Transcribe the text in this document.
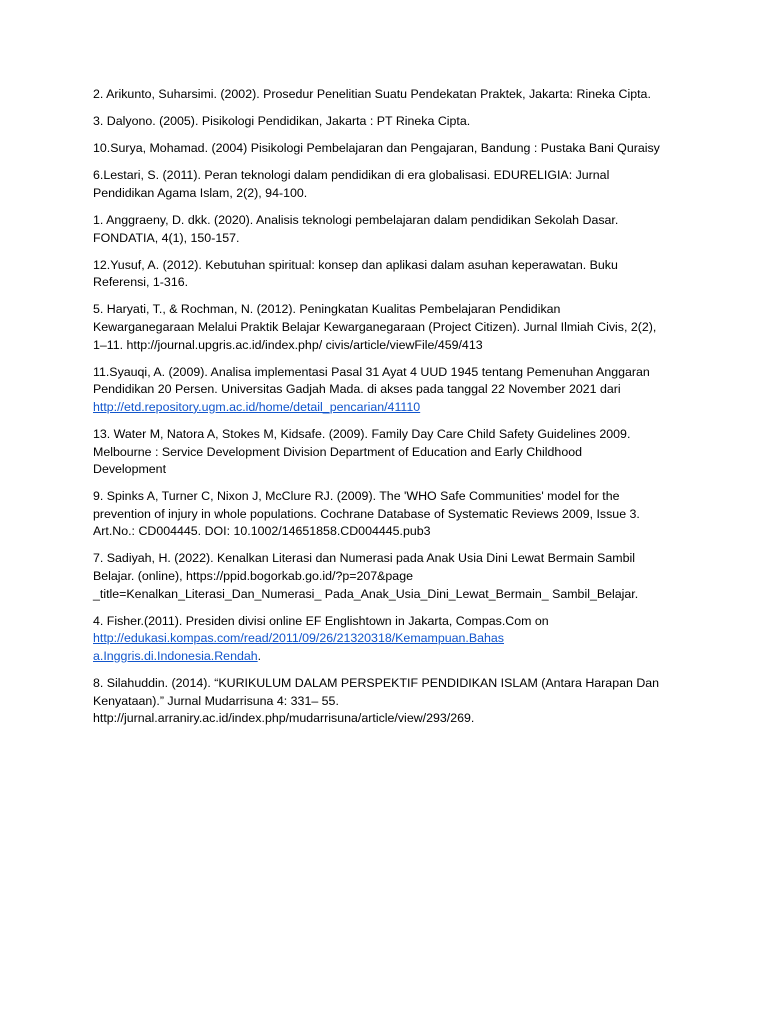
2. Arikunto, Suharsimi. (2002). Prosedur Penelitian Suatu Pendekatan Praktek, Jakarta: Rineka Cipta.

3. Dalyono. (2005). Pisikologi Pendidikan, Jakarta : PT Rineka Cipta.

10.Surya, Mohamad. (2004) Pisikologi Pembelajaran dan Pengajaran, Bandung : Pustaka Bani Quraisy

6.Lestari, S. (2011). Peran teknologi dalam pendidikan di era globalisasi. EDURELIGIA: Jurnal
Pendidikan Agama Islam, 2(2), 94-100.

1. Anggraeny, D. dkk. (2020). Analisis teknologi pembelajaran dalam pendidikan Sekolah Dasar.
FONDATIA, 4(1), 150-157.

12.Yusuf, A. (2012). Kebutuhan spiritual: konsep dan aplikasi dalam asuhan keperawatan. Buku
Referensi, 1-316.

5. Haryati, T., & Rochman, N. (2012). Peningkatan Kualitas Pembelajaran Pendidikan
Kewarganegaraan Melalui Praktik Belajar Kewarganegaraan (Project Citizen). Jurnal Ilmiah Civis, 2(2),
1–11. http://journal.upgris.ac.id/index.php/ civis/article/viewFile/459/413

11.Syauqi, A. (2009). Analisa implementasi Pasal 31 Ayat 4 UUD 1945 tentang Pemenuhan Anggaran
Pendidikan 20 Persen. Universitas Gadjah Mada. di akses pada tanggal 22 November 2021 dari
http://etd.repository.ugm.ac.id/home/detail_pencarian/41110

13. Water M, Natora A, Stokes M, Kidsafe. (2009). Family Day Care Child Safety Guidelines 2009.
Melbourne : Service Development Division Department of Education and Early Childhood
Development

9. Spinks A, Turner C, Nixon J, McClure RJ. (2009). The 'WHO Safe Communities' model for the
prevention of injury in whole populations. Cochrane Database of Systematic Reviews 2009, Issue 3.
Art.No.: CD004445. DOI: 10.1002/14651858.CD004445.pub3

7. Sadiyah, H. (2022). Kenalkan Literasi dan Numerasi pada Anak Usia Dini Lewat Bermain Sambil
Belajar. (online), https://ppid.bogorkab.go.id/?p=207&page
_title=Kenalkan_Literasi_Dan_Numerasi_ Pada_Anak_Usia_Dini_Lewat_Bermain_ Sambil_Belajar.

4. Fisher.(2011). Presiden divisi online EF Englishtown in Jakarta, Compas.Com on
http://edukasi.kompas.com/read/2011/09/26/21320318/Kemampuan.Bahas
a.Inggris.di.Indonesia.Rendah.

8. Silahuddin. (2014). “KURIKULUM DALAM PERSPEKTIF PENDIDIKAN ISLAM (Antara Harapan Dan
Kenyataan).” Jurnal Mudarrisuna 4: 331– 55.
http://jurnal.arraniry.ac.id/index.php/mudarrisuna/article/view/293/269.
